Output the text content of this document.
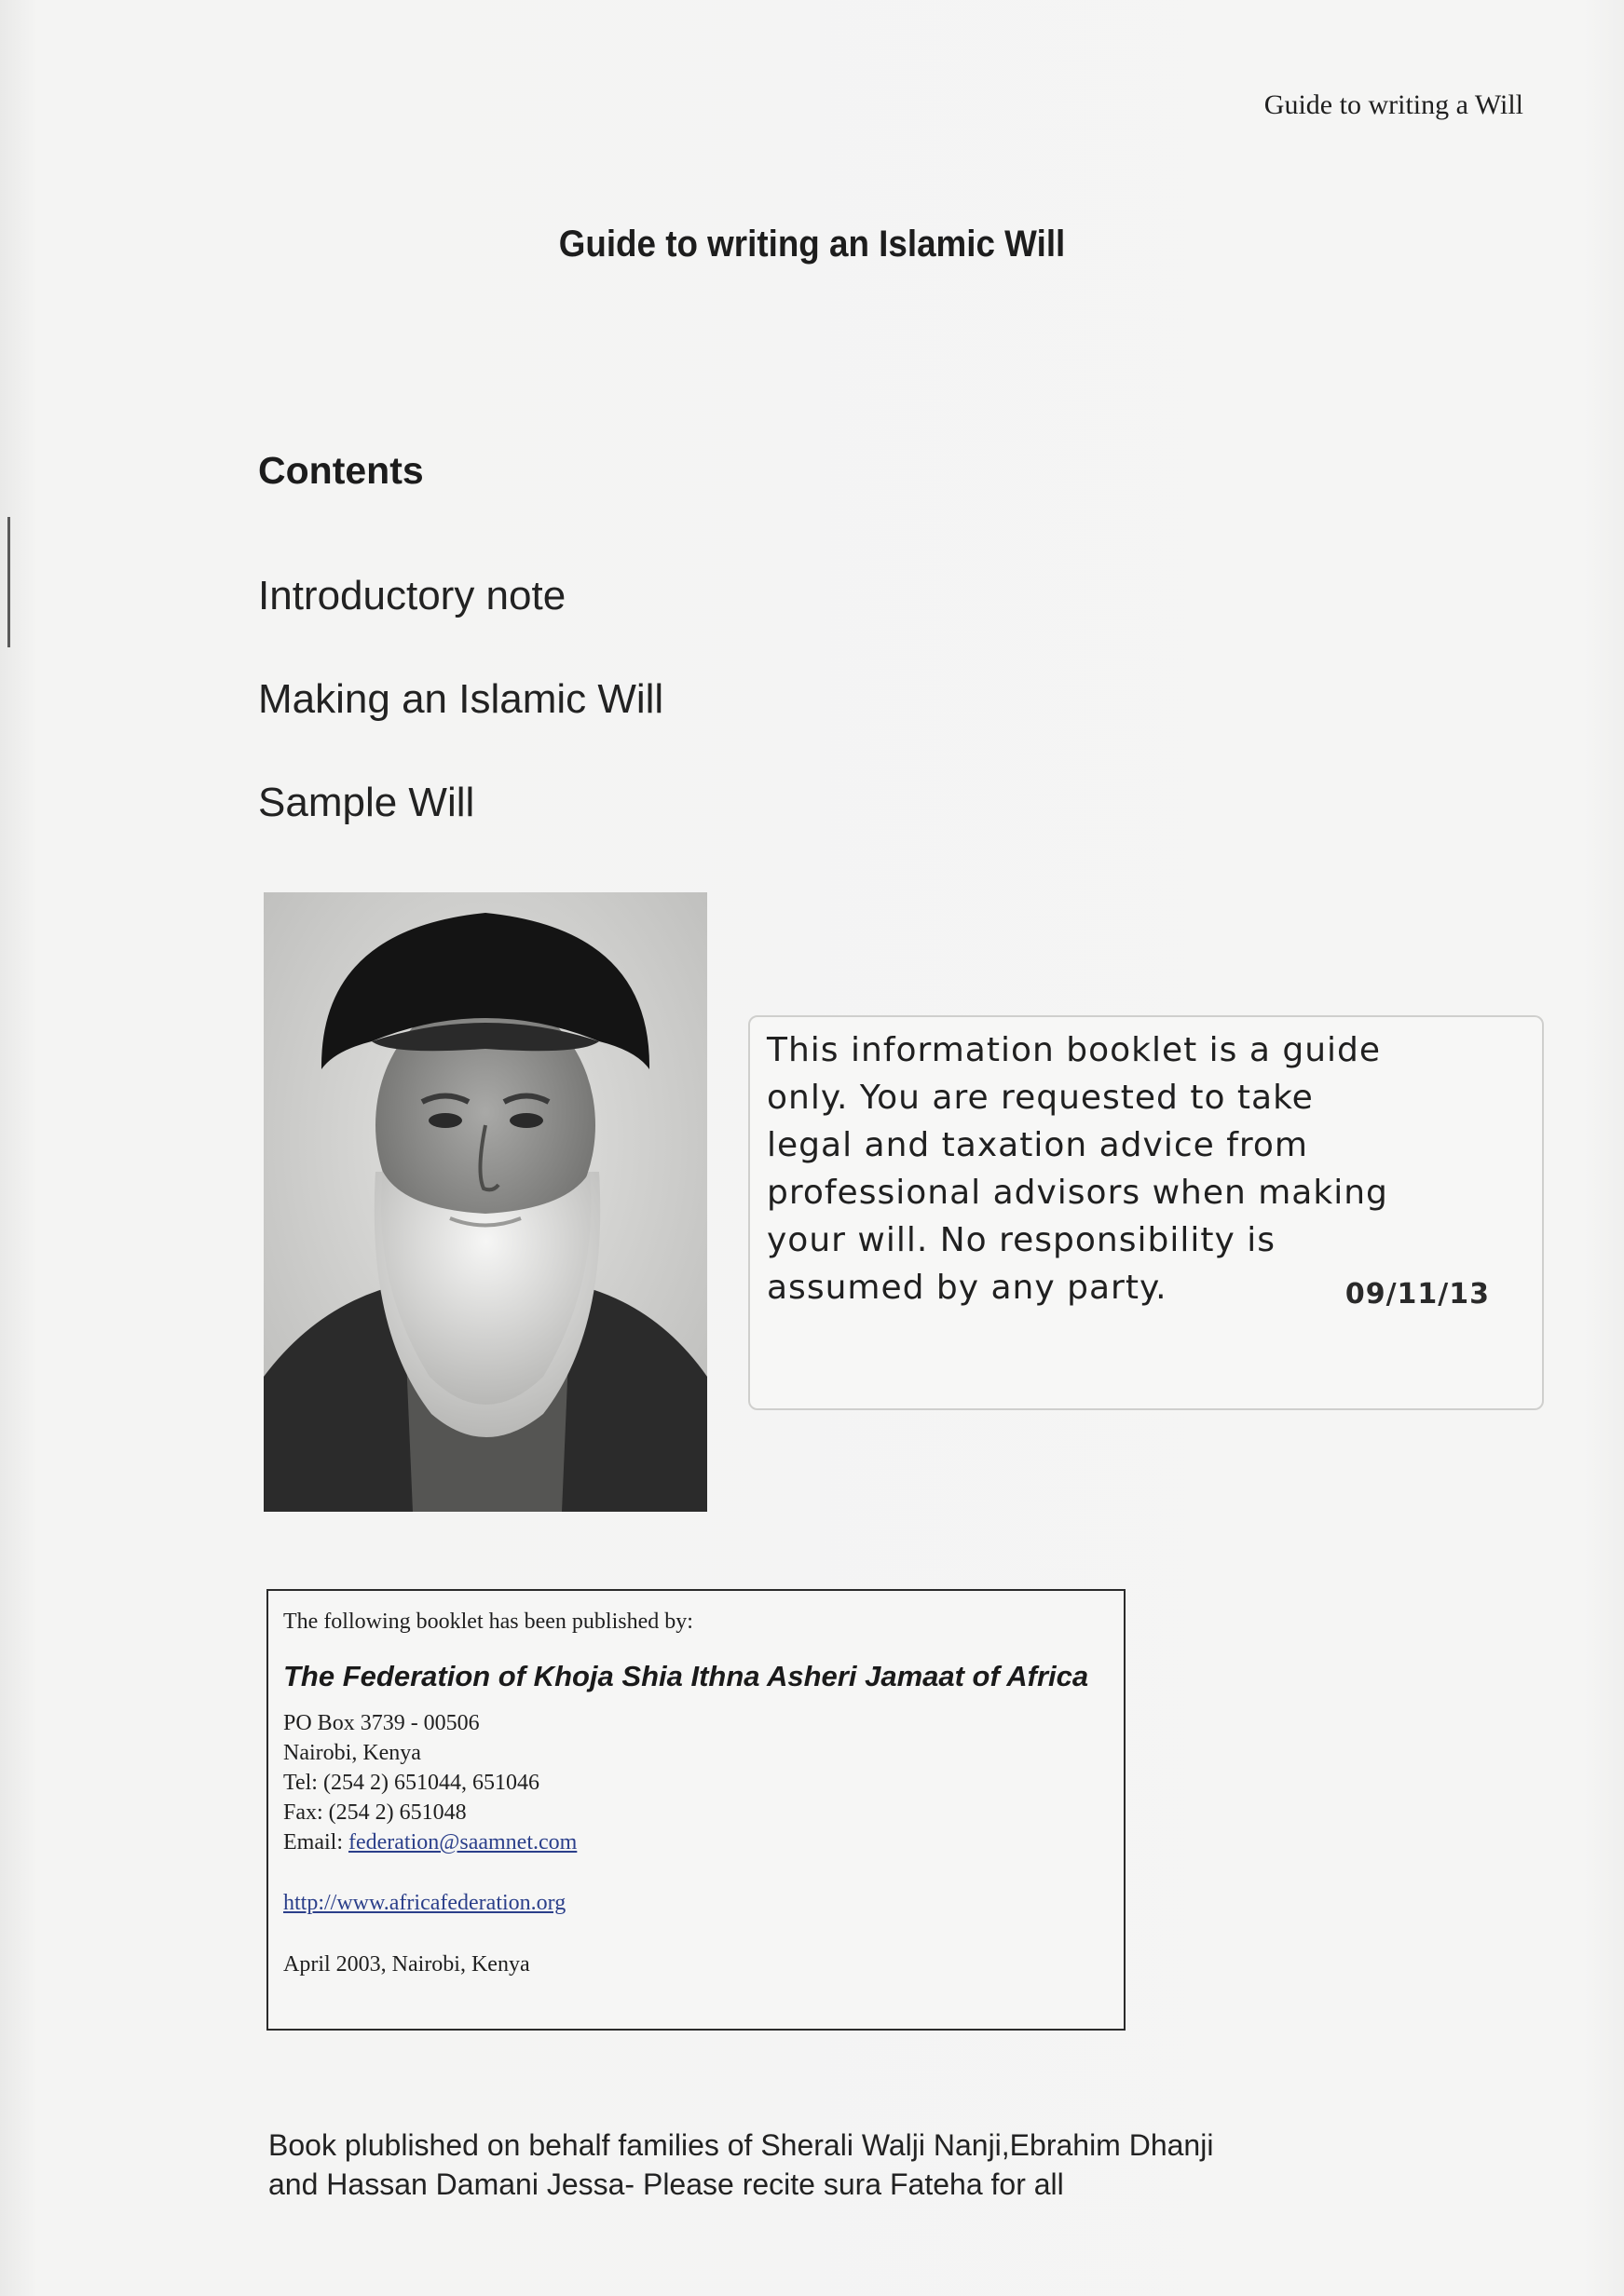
Guide to writing a Will
Guide to writing an Islamic Will
Contents
Introductory note
Making an Islamic Will
Sample Will
This information booklet is a guide
only. You are requested to take
legal and taxation advice from
professional advisors when making
your will. No responsibility is
assumed by any party.	09/11/13
The following booklet has been published by:
The Federation of Khoja Shia Ithna Asheri Jamaat of Africa
PO Box 3739 - 00506
Nairobi, Kenya
Tel: (254 2) 651044, 651046
Fax: (254 2) 651048
Email: federation@saamnet.com
http://www.africafederation.org
April 2003, Nairobi, Kenya
Book plublished on behalf families of Sherali Walji Nanji,Ebrahim Dhanji
and Hassan Damani Jessa- Please recite sura Fateha for all
